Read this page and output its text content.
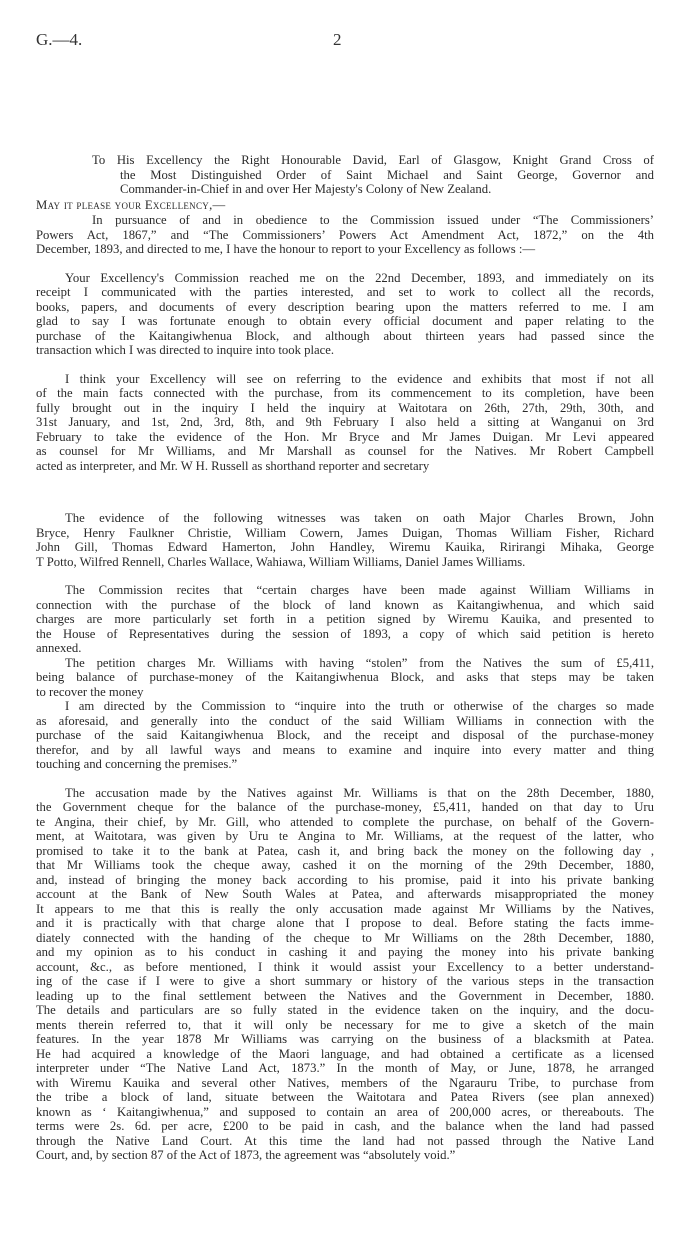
G.—4.	2
To His Excellency the Right Honourable David, Earl of Glasgow, Knight Grand Cross of
the Most Distinguished Order of Saint Michael and Saint George, Governor and
Commander-in-Chief in and over Her Majesty's Colony of New Zealand.
May it please your Excellency,—
In pursuance of and in obedience to the Commission issued under “The Commissioners’
Powers Act, 1867,” and “The Commissioners’ Powers Act Amendment Act, 1872,” on the 4th
December, 1893, and directed to me, I have the honour to report to your Excellency as follows :—
Your Excellency's Commission reached me on the 22nd December, 1893, and immediately on its
receipt I communicated with the parties interested, and set to work to collect all the records,
books, papers, and documents of every description bearing upon the matters referred to me. I am
glad to say I was fortunate enough to obtain every official document and paper relating to the
purchase of the Kaitangiwhenua Block, and although about thirteen years had passed since the
transaction which I was directed to inquire into took place.
I think your Excellency will see on referring to the evidence and exhibits that most if not all
of the main facts connected with the purchase, from its commencement to its completion, have been
fully brought out in the inquiry I held the inquiry at Waitotara on 26th, 27th, 29th, 30th, and
31st January, and 1st, 2nd, 3rd, 8th, and 9th February I also held a sitting at Wanganui on 3rd
February to take the evidence of the Hon. Mr Bryce and Mr James Duigan. Mr Levi appeared
as counsel for Mr Williams, and Mr Marshall as counsel for the Natives. Mr Robert Campbell
acted as interpreter, and Mr. W H. Russell as shorthand reporter and secretary
The evidence of the following witnesses was taken on oath Major Charles Brown, John
Bryce, Henry Faulkner Christie, William Cowern, James Duigan, Thomas William Fisher, Richard
John Gill, Thomas Edward Hamerton, John Handley, Wiremu Kauika, Ririrangi Mihaka, George
T Potto, Wilfred Rennell, Charles Wallace, Wahiawa, William Williams, Daniel James Williams.
The Commission recites that “certain charges have been made against William Williams in
connection with the purchase of the block of land known as Kaitangiwhenua, and which said
charges are more particularly set forth in a petition signed by Wiremu Kauika, and presented to
the House of Representatives during the session of 1893, a copy of which said petition is hereto
annexed.
The petition charges Mr. Williams with having “stolen” from the Natives the sum of £5,411,
being balance of purchase-money of the Kaitangiwhenua Block, and asks that steps may be taken
to recover the money
I am directed by the Commission to “inquire into the truth or otherwise of the charges so made
as aforesaid, and generally into the conduct of the said William Williams in connection with the
purchase of the said Kaitangiwhenua Block, and the receipt and disposal of the purchase-money
therefor, and by all lawful ways and means to examine and inquire into every matter and thing
touching and concerning the premises.”
The accusation made by the Natives against Mr. Williams is that on the 28th December, 1880,
the Government cheque for the balance of the purchase-money, £5,411, handed on that day to Uru
te Angina, their chief, by Mr. Gill, who attended to complete the purchase, on behalf of the Govern-
ment, at Waitotara, was given by Uru te Angina to Mr. Williams, at the request of the latter, who
promised to take it to the bank at Patea, cash it, and bring back the money on the following day ,
that Mr Williams took the cheque away, cashed it on the morning of the 29th December, 1880,
and, instead of bringing the money back according to his promise, paid it into his private banking
account at the Bank of New South Wales at Patea, and afterwards misappropriated the money
It appears to me that this is really the only accusation made against Mr Williams by the Natives,
and it is practically with that charge alone that I propose to deal. Before stating the facts imme-
diately connected with the handing of the cheque to Mr Williams on the 28th December, 1880,
and my opinion as to his conduct in cashing it and paying the money into his private banking
account, &c., as before mentioned, I think it would assist your Excellency to a better understand-
ing of the case if I were to give a short summary or history of the various steps in the transaction
leading up to the final settlement between the Natives and the Government in December, 1880.
The details and particulars are so fully stated in the evidence taken on the inquiry, and the docu-
ments therein referred to, that it will only be necessary for me to give a sketch of the main
features. In the year 1878 Mr Williams was carrying on the business of a blacksmith at Patea.
He had acquired a knowledge of the Maori language, and had obtained a certificate as a licensed
interpreter under “The Native Land Act, 1873.” In the month of May, or June, 1878, he arranged
with Wiremu Kauika and several other Natives, members of the Ngarauru Tribe, to purchase from
the tribe a block of land, situate between the Waitotara and Patea Rivers (see plan annexed)
known as ‘ Kaitangiwhenua,” and supposed to contain an area of 200,000 acres, or thereabouts. The
terms were 2s. 6d. per acre, £200 to be paid in cash, and the balance when the land had passed
through the Native Land Court. At this time the land had not passed through the Native Land
Court, and, by section 87 of the Act of 1873, the agreement was “absolutely void.”
